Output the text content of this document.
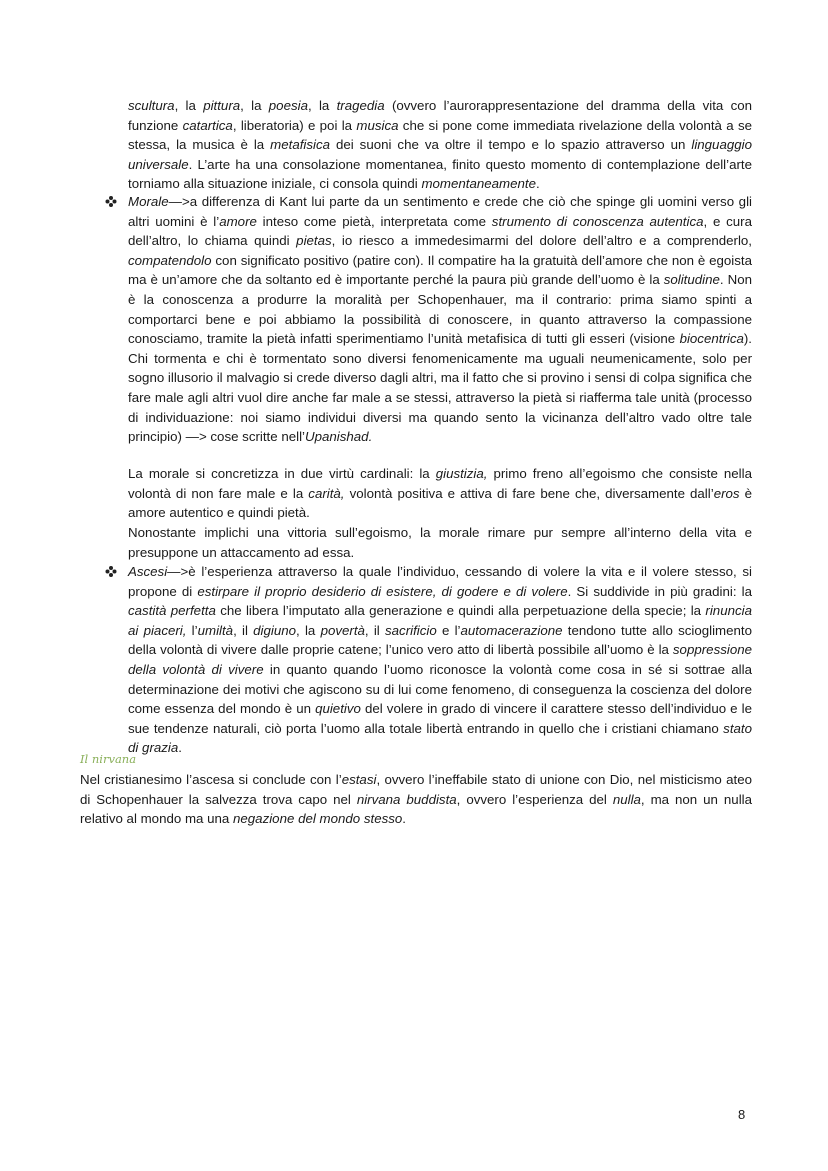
scultura, la pittura, la poesia, la tragedia (ovvero l’aurorappresentazione del dramma della vita con funzione catartica, liberatoria) e poi la musica che si pone come immediata rivelazione della volontà a se stessa, la musica è la metafisica dei suoni che va oltre il tempo e lo spazio attraverso un linguaggio universale. L’arte ha una consolazione momentanea, finito questo momento di contemplazione dell’arte torniamo alla situazione iniziale, ci consola quindi momentaneamente.

Morale—>a differenza di Kant lui parte da un sentimento e crede che ciò che spinge gli uomini verso gli altri uomini è l’amore inteso come pietà, interpretata come strumento di conoscenza autentica, e cura dell’altro, lo chiama quindi pietas, io riesco a immedesimarmi del dolore dell’altro e a comprenderlo, compatendolo con significato positivo (patire con). Il compatire ha la gratuità dell’amore che non è egoista ma è un’amore che da soltanto ed è importante perché la paura più grande dell’uomo è la solitudine. Non è la conoscenza a produrre la moralità per Schopenhauer, ma il contrario: prima siamo spinti a comportarci bene e poi abbiamo la possibilità di conoscere, in quanto attraverso la compassione conosciamo, tramite la pietà infatti sperimentiamo l’unità metafisica di tutti gli esseri (visione biocentrica). Chi tormenta e chi è tormentato sono diversi fenomenicamente ma uguali neumenicamente, solo per sogno illusorio il malvagio si crede diverso dagli altri, ma il fatto che si provino i sensi di colpa significa che fare male agli altri vuol dire anche far male a se stessi, attraverso la pietà si riafferma tale unità (processo di individuazione: noi siamo individui diversi ma quando sento la vicinanza dell’altro vado oltre tale principio) —> cose scritte nell’Upanishad.

La morale si concretizza in due virtù cardinali: la giustizia, primo freno all’egoismo che consiste nella volontà di non fare male e la carità, volontà positiva e attiva di fare bene che, diversamente dall’eros è amore autentico e quindi pietà.

Nonostante implichi una vittoria sull’egoismo, la morale rimare pur sempre all’interno della vita e presuppone un attaccamento ad essa.

Ascesi—>è l’esperienza attraverso la quale l’individuo, cessando di volere la vita e il volere stesso, si propone di estirpare il proprio desiderio di esistere, di godere e di volere. Si suddivide in più gradini: la castità perfetta che libera l’imputato alla generazione e quindi alla perpetuazione della specie; la rinuncia ai piaceri, l’umiltà, il digiuno, la povertà, il sacrificio e l’automacerazione tendono tutte allo scioglimento della volontà di vivere dalle proprie catene; l’unico vero atto di libertà possibile all’uomo è la soppressione della volontà di vivere in quanto quando l’uomo riconosce la volontà come cosa in sé si sottrae alla determinazione dei motivi che agiscono su di lui come fenomeno, di conseguenza la coscienza del dolore come essenza del mondo è un quietivo del volere in grado di vincere il carattere stesso dell’individuo e le sue tendenze naturali, ciò porta l’uomo alla totale libertà entrando in quello che i cristiani chiamano stato di grazia.
Il nirvana

Nel cristianesimo l’ascesa si conclude con l’estasi, ovvero l’ineffabile stato di unione con Dio, nel misticismo ateo di Schopenhauer la salvezza trova capo nel nirvana buddista, ovvero l’esperienza del nulla, ma non un nulla relativo al mondo ma una negazione del mondo stesso.

8
